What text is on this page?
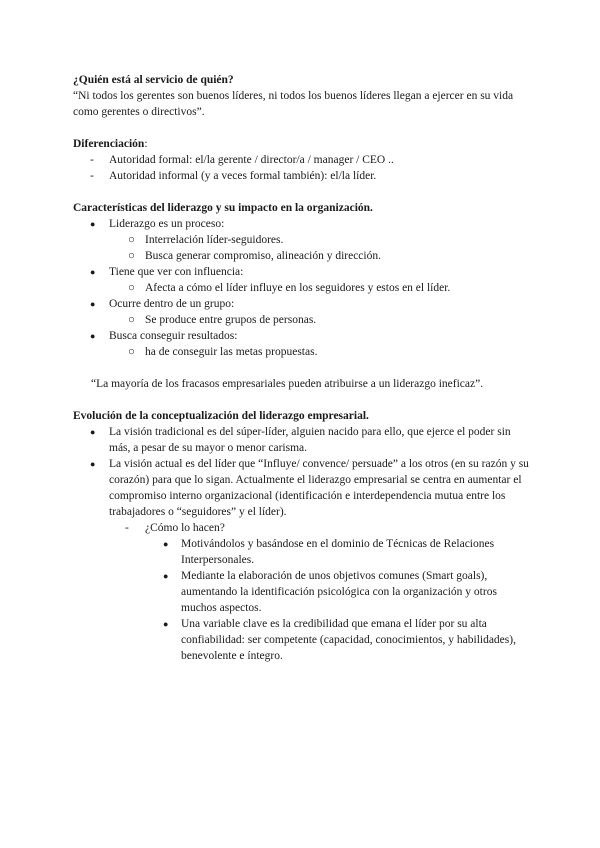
¿Quién está al servicio de quién?
“Ni todos los gerentes son buenos líderes, ni todos los buenos líderes llegan a ejercer en su vida como gerentes o directivos”.
Diferenciación:
- Autoridad formal: el/la gerente / director/a / manager / CEO ..
- Autoridad informal (y a veces formal también): el/la líder.
Características del liderazgo y su impacto en la organización.
● Liderazgo es un proceso:
○ Interrelación líder-seguidores.
○ Busca generar compromiso, alineación y dirección.
● Tiene que ver con influencia:
○ Afecta a cómo el líder influye en los seguidores y estos en el líder.
● Ocurre dentro de un grupo:
○ Se produce entre grupos de personas.
● Busca conseguir resultados:
○ ha de conseguir las metas propuestas.
“La mayoría de los fracasos empresariales pueden atribuirse a un liderazgo ineficaz”.
Evolución de la conceptualización del liderazgo empresarial.
● La visión tradicional es del súper-líder, alguien nacido para ello, que ejerce el poder sin más, a pesar de su mayor o menor carisma.
● La visión actual es del líder que “Influye/ convence/ persuade” a los otros (en su razón y su corazón) para que lo sigan. Actualmente el liderazgo empresarial se centra en aumentar el compromiso interno organizacional (identificación e interdependencia mutua entre los trabajadores o “seguidores” y el líder).
- ¿Cómo lo hacen?
● Motivándolos y basándose en el dominio de Técnicas de Relaciones Interpersonales.
● Mediante la elaboración de unos objetivos comunes (Smart goals), aumentando la identificación psicológica con la organización y otros muchos aspectos.
● Una variable clave es la credibilidad que emana el líder por su alta confiabilidad: ser competente (capacidad, conocimientos, y habilidades), benevolente e íntegro.
